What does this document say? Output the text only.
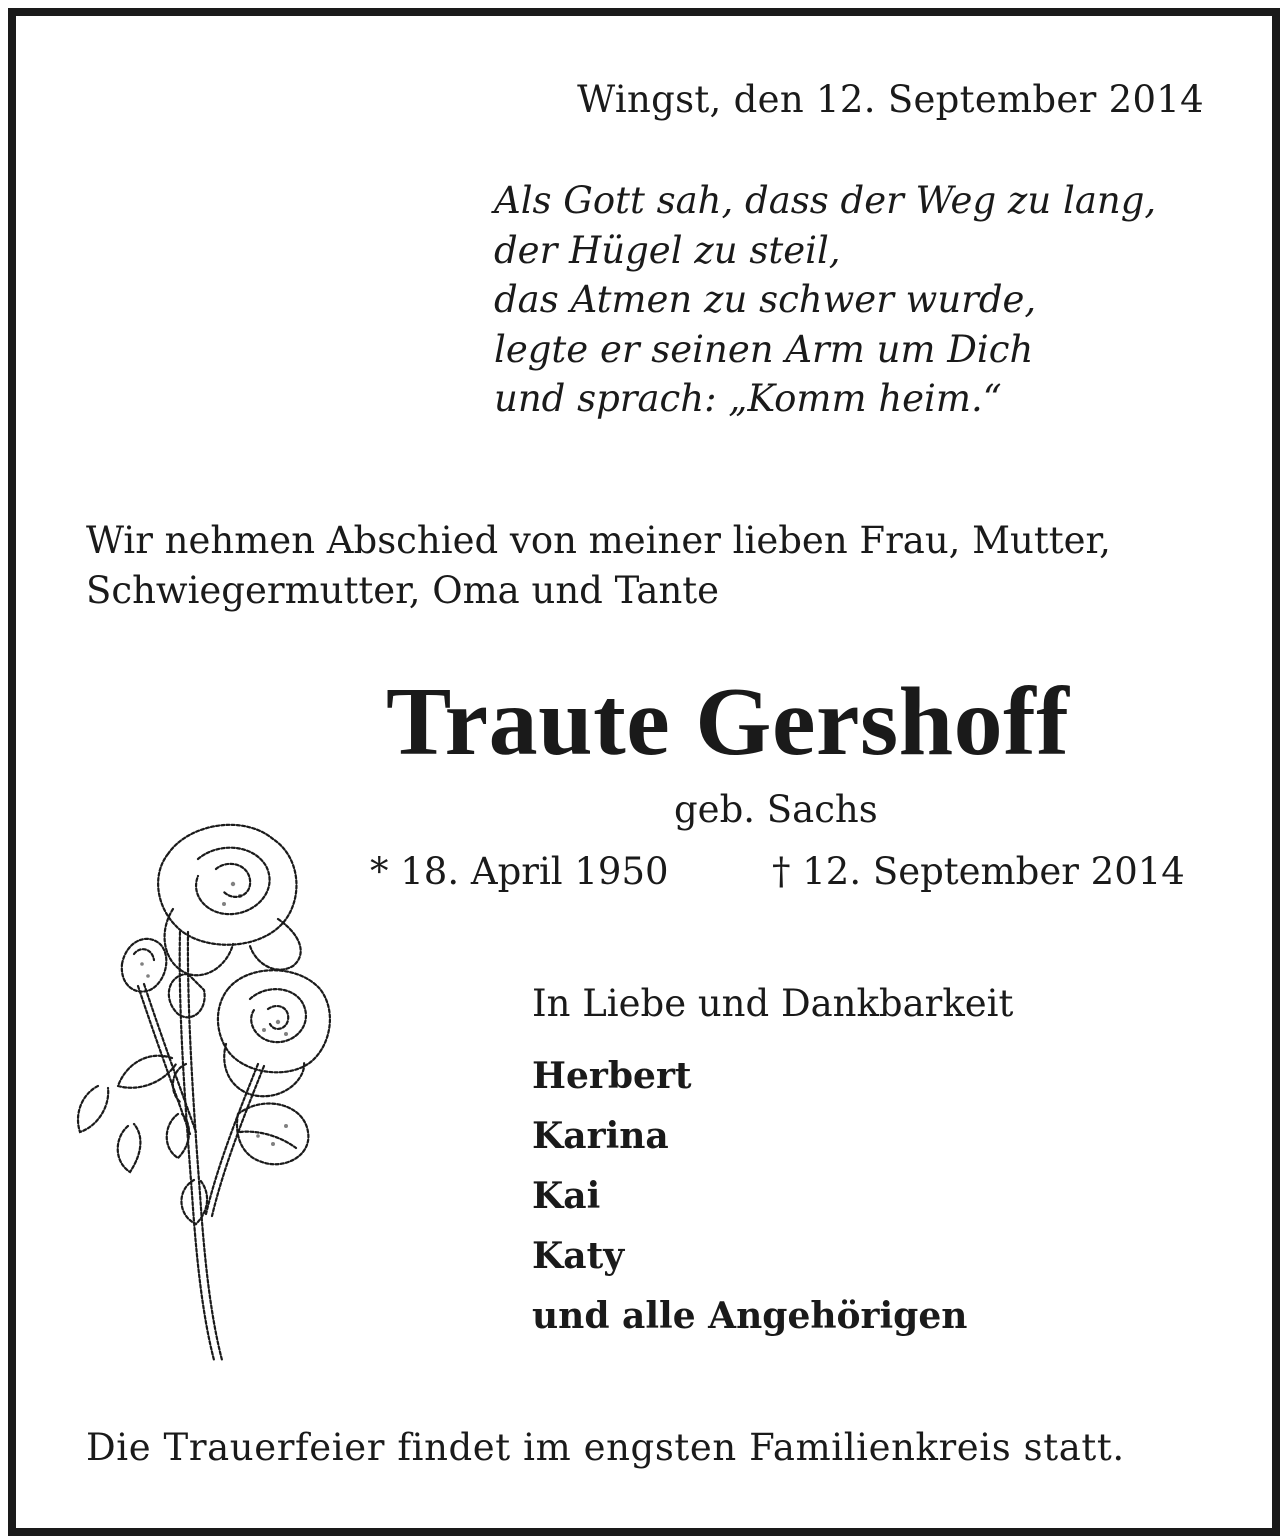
Wingst, den 12. September 2014
Als Gott sah, dass der Weg zu lang,
der Hügel zu steil,
das Atmen zu schwer wurde,
legte er seinen Arm um Dich
und sprach: „Komm heim.“
Wir nehmen Abschied von meiner lieben Frau, Mutter,
Schwiegermutter, Oma und Tante
Traute Gershoff
geb. Sachs
* 18. April 1950	† 12. September 2014
In Liebe und Dankbarkeit
Herbert
Karina
Kai
Katy
und alle Angehörigen
Die Trauerfeier findet im engsten Familienkreis statt.
